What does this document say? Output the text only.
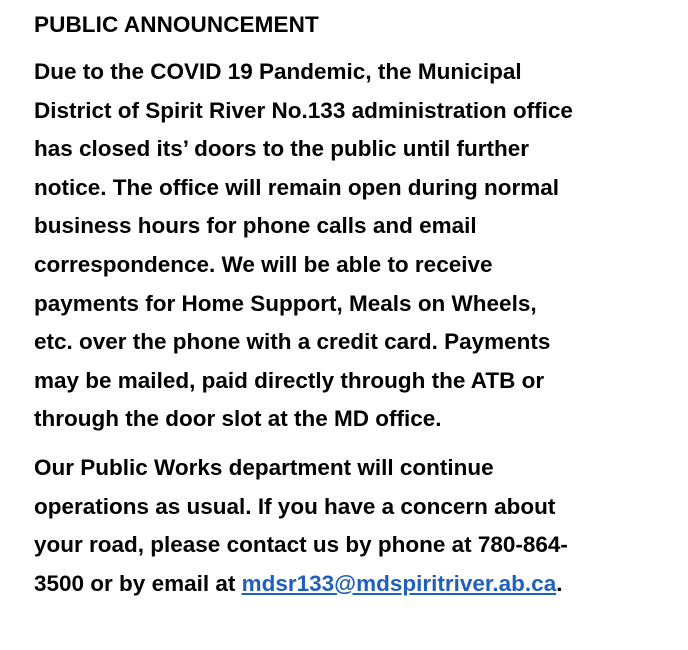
PUBLIC ANNOUNCEMENT
Due to the COVID 19 Pandemic, the Municipal
District of Spirit River No.133 administration office
has closed its’ doors to the public until further
notice. The office will remain open during normal
business hours for phone calls and email
correspondence. We will be able to receive
payments for Home Support, Meals on Wheels,
etc. over the phone with a credit card. Payments
may be mailed, paid directly through the ATB or
through the door slot at the MD office.
Our Public Works department will continue
operations as usual. If you have a concern about
your road, please contact us by phone at 780-864-
3500 or by email at mdsr133@mdspiritriver.ab.ca.
